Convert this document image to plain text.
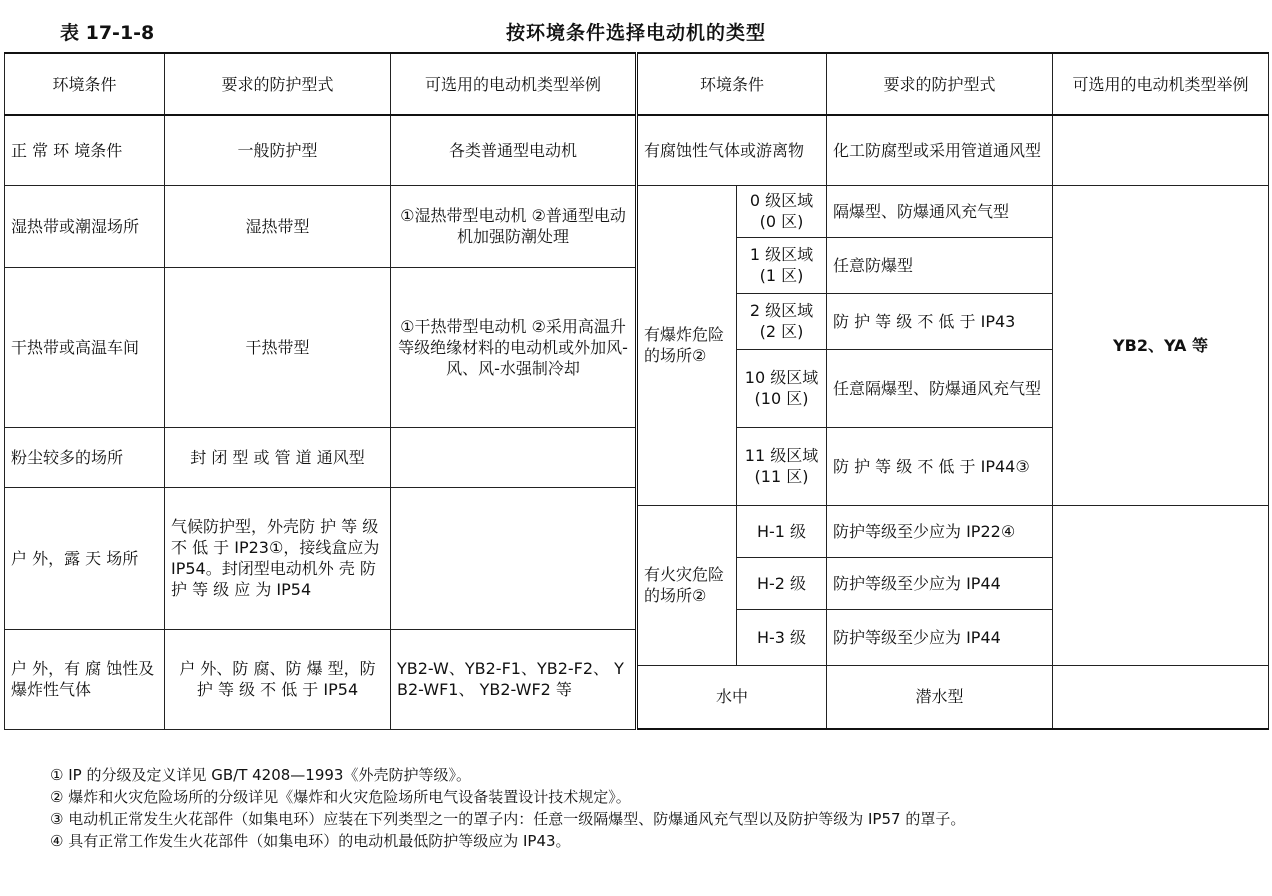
表 17-1-8	按环境条件选择电动机的类型
环境条件	要求的防护型式	可选用的电动机类型举例	环境条件		要求的防护型式	可选用的电动机类型举例
正 常 环 境条件	一般防护型	各类普通型电动机	有腐蚀性气体或游离物		化工防腐型或采用管道通风型	
湿热带或潮湿场所	湿热带型	①湿热带型电动机 ②普通型电动机加强防潮处理	有爆炸危险的场所②	0 级区域(0 区)	隔爆型、防爆通风充气型	YB2、YA 等
				1 级区域(1 区)	任意防爆型	
干热带或高温车间	干热带型	①干热带型电动机 ②采用高温升等级绝缘材料的电动机或外加风-风、风-水强制冷却				
				2 级区域(2 区)	防 护 等 级 不 低 于 IP43	
				10 级区域(10 区)	任意隔爆型、防爆通风充气型	
粉尘较多的场所	封 闭 型 或 管 道 通风型			11 级区域(11 区)	防 护 等 级 不 低 于 IP44③	
户 外，露 天 场所	气候防护型，外壳防 护 等 级 不 低 于 IP23①，接线盒应为 IP54。封闭型电动机外 壳 防 护 等 级 应 为 IP54					
			有火灾危险的场所②	H-1 级	防护等级至少应为 IP22④	
				H-2 级	防护等级至少应为 IP44	
				H-3 级	防护等级至少应为 IP44	
户 外，有 腐 蚀性及爆炸性气体	户 外、防 腐、防 爆 型，防 护 等 级 不 低 于 IP54	YB2-W、YB2-F1、YB2-F2、 YB2-WF1、 YB2-WF2 等				
			水中		潜水型	

① IP 的分级及定义详见 GB/T 4208—1993《外壳防护等级》。

② 爆炸和火灾危险场所的分级详见《爆炸和火灾危险场所电气设备装置设计技术规定》。

③ 电动机正常发生火花部件（如集电环）应装在下列类型之一的罩子内：任意一级隔爆型、防爆通风充气型以及防护等级为 IP57 的罩子。

④ 具有正常工作发生火花部件（如集电环）的电动机最低防护等级应为 IP43。
